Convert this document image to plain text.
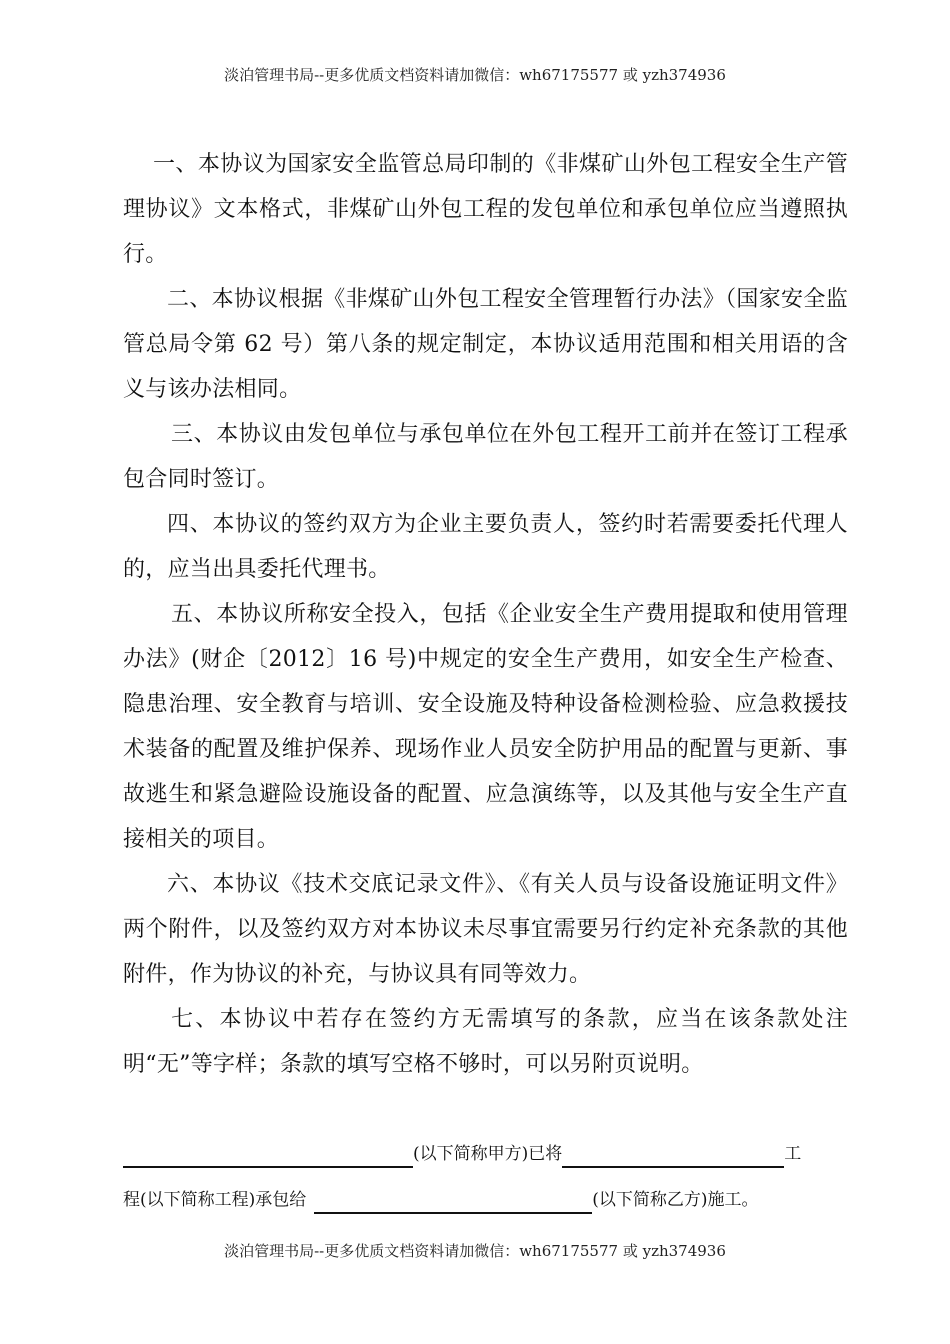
淡泊管理书局--更多优质文档资料请加微信：wh67175577 或 yzh374936

一、本协议为国家安全监管总局印制的《非煤矿山外包工程安全生产管理协议》文本格式，非煤矿山外包工程的发包单位和承包单位应当遵照执行。

二、本协议根据《非煤矿山外包工程安全管理暂行办法》（国家安全监管总局令第 62 号）第八条的规定制定，本协议适用范围和相关用语的含义与该办法相同。

三、本协议由发包单位与承包单位在外包工程开工前并在签订工程承包合同时签订。

四、本协议的签约双方为企业主要负责人，签约时若需要委托代理人的，应当出具委托代理书。

五、本协议所称安全投入，包括《企业安全生产费用提取和使用管理办法》(财企〔2012〕16 号)中规定的安全生产费用，如安全生产检查、隐患治理、安全教育与培训、安全设施及特种设备检测检验、应急救援技术装备的配置及维护保养、现场作业人员安全防护用品的配置与更新、事故逃生和紧急避险设施设备的配置、应急演练等，以及其他与安全生产直接相关的项目。

六、本协议《技术交底记录文件》、《有关人员与设备设施证明文件》两个附件，以及签约双方对本协议未尽事宜需要另行约定补充条款的其他附件，作为协议的补充，与协议具有同等效力。

七、本协议中若存在签约方无需填写的条款，应当在该条款处注明“无”等字样；条款的填写空格不够时，可以另附页说明。

(以下简称甲方)已将	工
程(以下简称工程)承包给	(以下简称乙方)施工。
淡泊管理书局--更多优质文档资料请加微信：wh67175577 或 yzh374936
